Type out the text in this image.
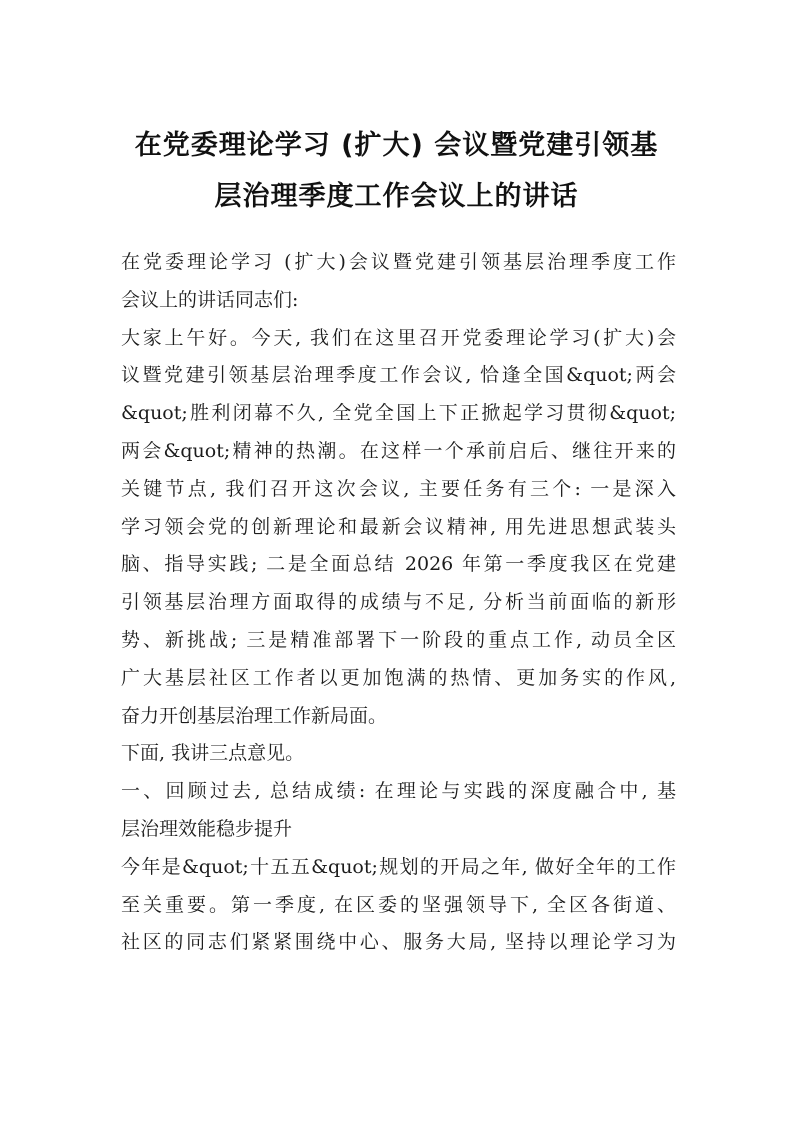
在党委理论学习 (扩大) 会议暨党建引领基
层治理季度工作会议上的讲话
在党委理论学习 (扩大)会议暨党建引领基层治理季度工作
会议上的讲话同志们:
大家上午好。今天, 我们在这里召开党委理论学习(扩大)会
议暨党建引领基层治理季度工作会议, 恰逢全国&quot;两会
&quot;胜利闭幕不久, 全党全国上下正掀起学习贯彻&quot;
两会&quot;精神的热潮。在这样一个承前启后、继往开来的
关键节点, 我们召开这次会议, 主要任务有三个: 一是深入
学习领会党的创新理论和最新会议精神, 用先进思想武装头
脑、指导实践; 二是全面总结 2026 年第一季度我区在党建
引领基层治理方面取得的成绩与不足, 分析当前面临的新形
势、新挑战; 三是精准部署下一阶段的重点工作, 动员全区
广大基层社区工作者以更加饱满的热情、更加务实的作风,
奋力开创基层治理工作新局面。
下面, 我讲三点意见。
一、回顾过去, 总结成绩: 在理论与实践的深度融合中, 基
层治理效能稳步提升
今年是&quot;十五五&quot;规划的开局之年, 做好全年的工作
至关重要。第一季度, 在区委的坚强领导下, 全区各街道、
社区的同志们紧紧围绕中心、服务大局, 坚持以理论学习为
